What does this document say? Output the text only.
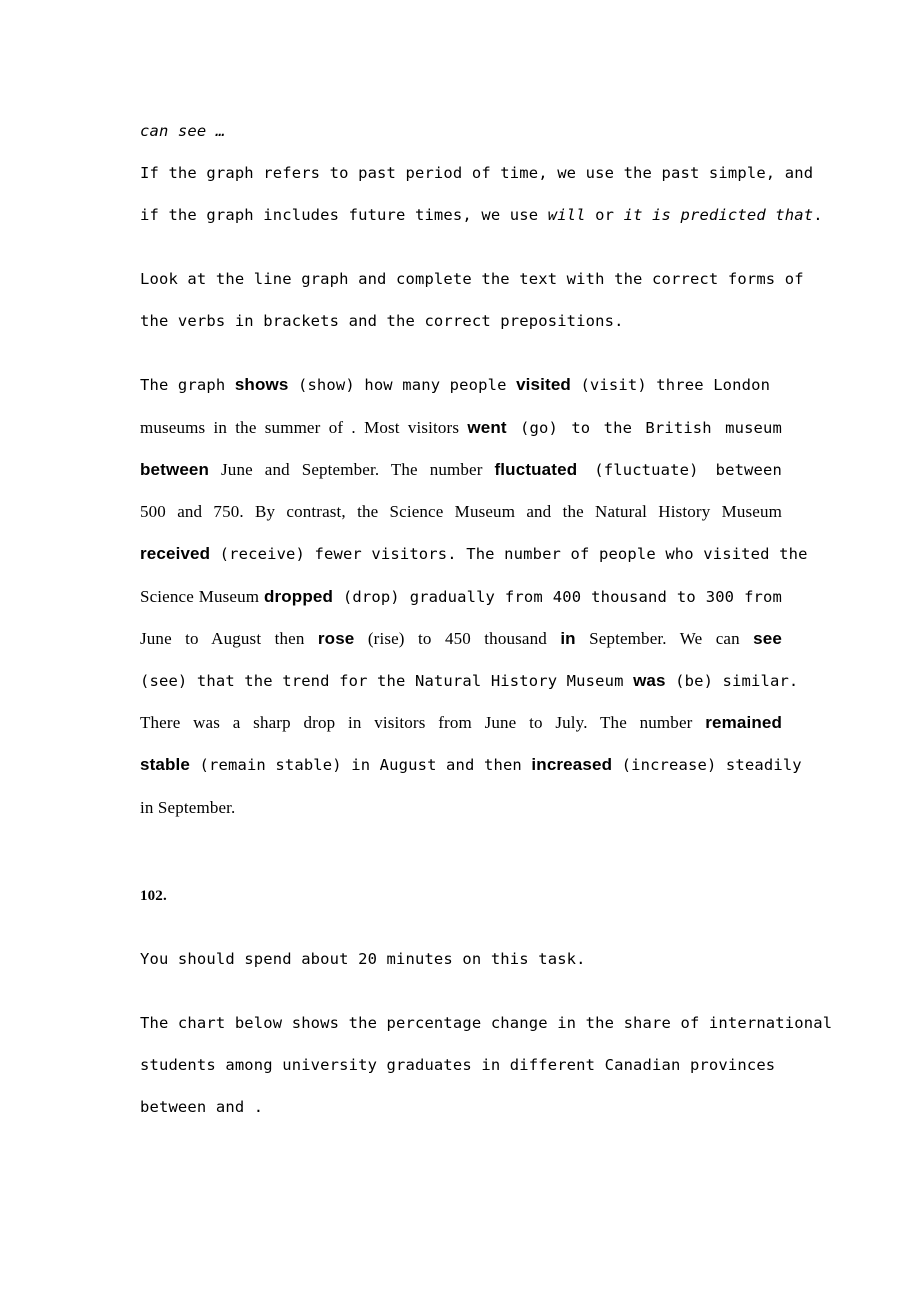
can see …
If the graph refers to past period of time, we use the past simple, and
if the graph includes future times, we use will or it is predicted that.
Look at the line graph and complete the text with the correct forms of
the verbs in brackets and the correct prepositions.
The graph shows (show) how many people visited (visit) three London
museums in the summer of . Most visitors went (go) to the British museum
between June and September. The number fluctuated (fluctuate) between
500 and 750. By contrast, the Science Museum and the Natural History Museum
received (receive) fewer visitors. The number of people who visited the
Science Museum dropped (drop) gradually from 400 thousand to 300 from
June to August then rose (rise) to 450 thousand in September. We can see
(see) that the trend for the Natural History Museum was (be) similar.
There was a sharp drop in visitors from June to July. The number remained
stable (remain stable) in August and then increased (increase) steadily
in September.
102.
You should spend about 20 minutes on this task.
The chart below shows the percentage change in the share of international
students among university graduates in different Canadian provinces
between and .
